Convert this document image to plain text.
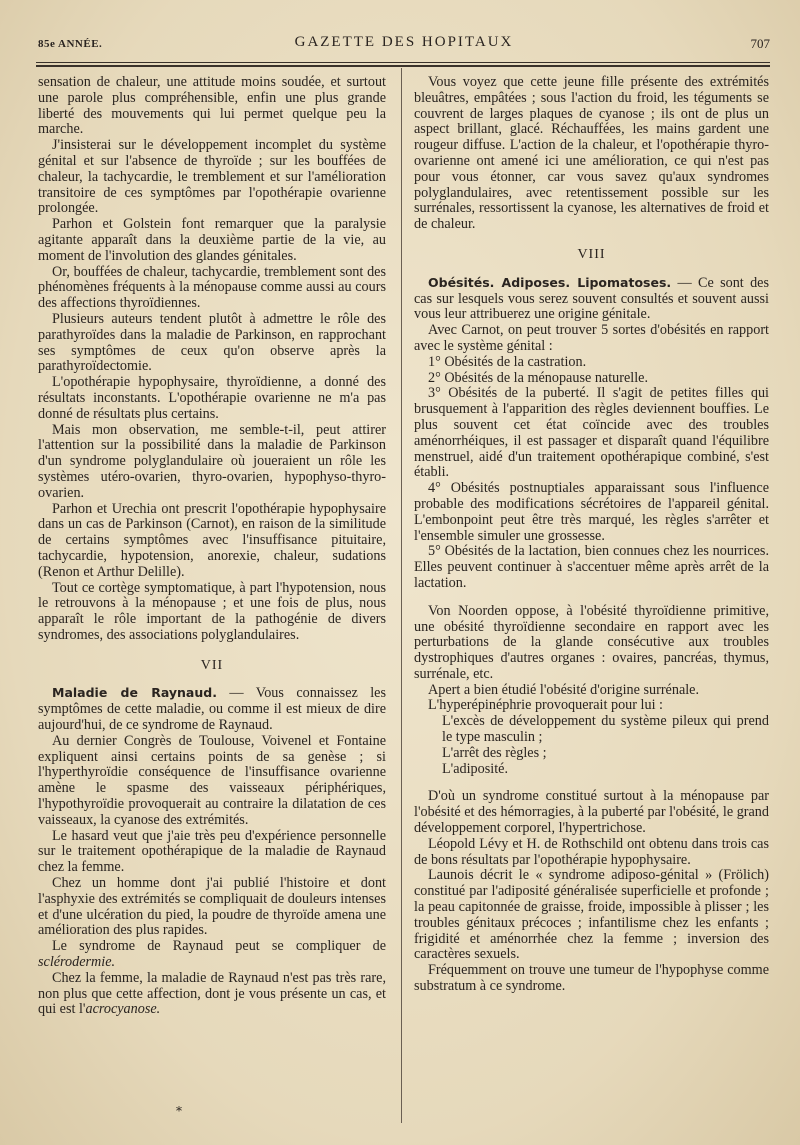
85e ANNÉE.	GAZETTE DES HOPITAUX	707

sensation de chaleur, une attitude moins soudée, et surtout une parole plus compréhensible, enfin une plus grande liberté des mouvements qui lui permet quelque peu la marche.

J'insisterai sur le développement incomplet du système génital et sur l'absence de thyroïde ; sur les bouffées de chaleur, la tachycardie, le tremblement et sur l'amélioration transitoire de ces symptômes par l'opothérapie ovarienne prolongée.

Parhon et Golstein font remarquer que la paralysie agitante apparaît dans la deuxième partie de la vie, au moment de l'involution des glandes génitales.

Or, bouffées de chaleur, tachycardie, tremblement sont des phénomènes fréquents à la ménopause comme aussi au cours des affections thyroïdiennes.

Plusieurs auteurs tendent plutôt à admettre le rôle des parathyroïdes dans la maladie de Parkinson, en rapprochant ses symptômes de ceux qu'on observe après la parathyroïdectomie.

L'opothérapie hypophysaire, thyroïdienne, a donné des résultats inconstants. L'opothérapie ovarienne ne m'a pas donné de résultats plus certains.

Mais mon observation, me semble-t-il, peut attirer l'attention sur la possibilité dans la maladie de Parkinson d'un syndrome polyglandulaire où joueraient un rôle les systèmes utéro-ovarien, thyro-ovarien, hypophyso-thyro-ovarien.

Parhon et Urechia ont prescrit l'opothérapie hypophysaire dans un cas de Parkinson (Carnot), en raison de la similitude de certains symptômes avec l'insuffisance pituitaire, tachycardie, hypotension, anorexie, chaleur, sudations (Renon et Arthur Delille).

Tout ce cortège symptomatique, à part l'hypotension, nous le retrouvons à la ménopause ; et une fois de plus, nous apparaît le rôle important de la pathogénie de divers syndromes, des associations polyglandulaires.

VII

Maladie de Raynaud. — Vous connaissez les symptômes de cette maladie, ou comme il est mieux de dire aujourd'hui, de ce syndrome de Raynaud.

Au dernier Congrès de Toulouse, Voivenel et Fontaine expliquent ainsi certains points de sa genèse ; si l'hyperthyroïdie conséquence de l'insuffisance ovarienne amène le spasme des vaisseaux périphériques, l'hypothyroïdie provoquerait au contraire la dilatation de ces vaisseaux, la cyanose des extrémités.

Le hasard veut que j'aie très peu d'expérience personnelle sur le traitement opothérapique de la maladie de Raynaud chez la femme.

Chez un homme dont j'ai publié l'histoire et dont l'asphyxie des extrémités se compliquait de douleurs intenses et d'une ulcération du pied, la poudre de thyroïde amena une amélioration des plus rapides.

Le syndrome de Raynaud peut se compliquer de sclérodermie.

Chez la femme, la maladie de Raynaud n'est pas très rare, non plus que cette affection, dont je vous présente un cas, et qui est l'acrocyanose.

Vous voyez que cette jeune fille présente des extrémités bleuâtres, empâtées ; sous l'action du froid, les téguments se couvrent de larges plaques de cyanose ; ils ont de plus un aspect brillant, glacé. Réchauffées, les mains gardent une rougeur diffuse. L'action de la chaleur, et l'opothérapie thyro-ovarienne ont amené ici une amélioration, ce qui n'est pas pour vous étonner, car vous savez qu'aux syndromes polyglandulaires, avec retentissement possible sur les surrénales, ressortissent la cyanose, les alternatives de froid et de chaleur.

VIII

Obésités. Adiposes. Lipomatoses. — Ce sont des cas sur lesquels vous serez souvent consultés et souvent aussi vous leur attribuerez une origine génitale.

Avec Carnot, on peut trouver 5 sortes d'obésités en rapport avec le système génital :

1° Obésités de la castration.

2° Obésités de la ménopause naturelle.

3° Obésités de la puberté. Il s'agit de petites filles qui brusquement à l'apparition des règles deviennent bouffies. Le plus souvent cet état coïncide avec des troubles aménorrhéiques, il est passager et disparaît quand l'équilibre menstruel, aidé d'un traitement opothérapique combiné, s'est établi.

4° Obésités postnuptiales apparaissant sous l'influence probable des modifications sécrétoires de l'appareil génital. L'embonpoint peut être très marqué, les règles s'arrêter et l'ensemble simuler une grossesse.

5° Obésités de la lactation, bien connues chez les nourrices. Elles peuvent continuer à s'accentuer même après arrêt de la lactation.

Von Noorden oppose, à l'obésité thyroïdienne primitive, une obésité thyroïdienne secondaire en rapport avec les perturbations de la glande consécutive aux troubles dystrophiques d'autres organes : ovaires, pancréas, thymus, surrénale, etc.

Apert a bien étudié l'obésité d'origine surrénale.

L'hyperépinéphrie provoquerait pour lui :

L'excès de développement du système pileux qui prend le type masculin ;

L'arrêt des règles ;

L'adiposité.

D'où un syndrome constitué surtout à la ménopause par l'obésité et des hémorragies, à la puberté par l'obésité, le grand développement corporel, l'hypertrichose.

Léopold Lévy et H. de Rothschild ont obtenu dans trois cas de bons résultats par l'opothérapie hypophysaire.

Launois décrit le « syndrome adiposo-génital » (Frölich) constitué par l'adiposité généralisée superficielle et profonde ; la peau capitonnée de graisse, froide, impossible à plisser ; les troubles génitaux précoces ; infantilisme chez les enfants ; frigidité et aménorrhée chez la femme ; inversion des caractères sexuels.

Fréquemment on trouve une tumeur de l'hypophyse comme substratum à ce syndrome.

*
